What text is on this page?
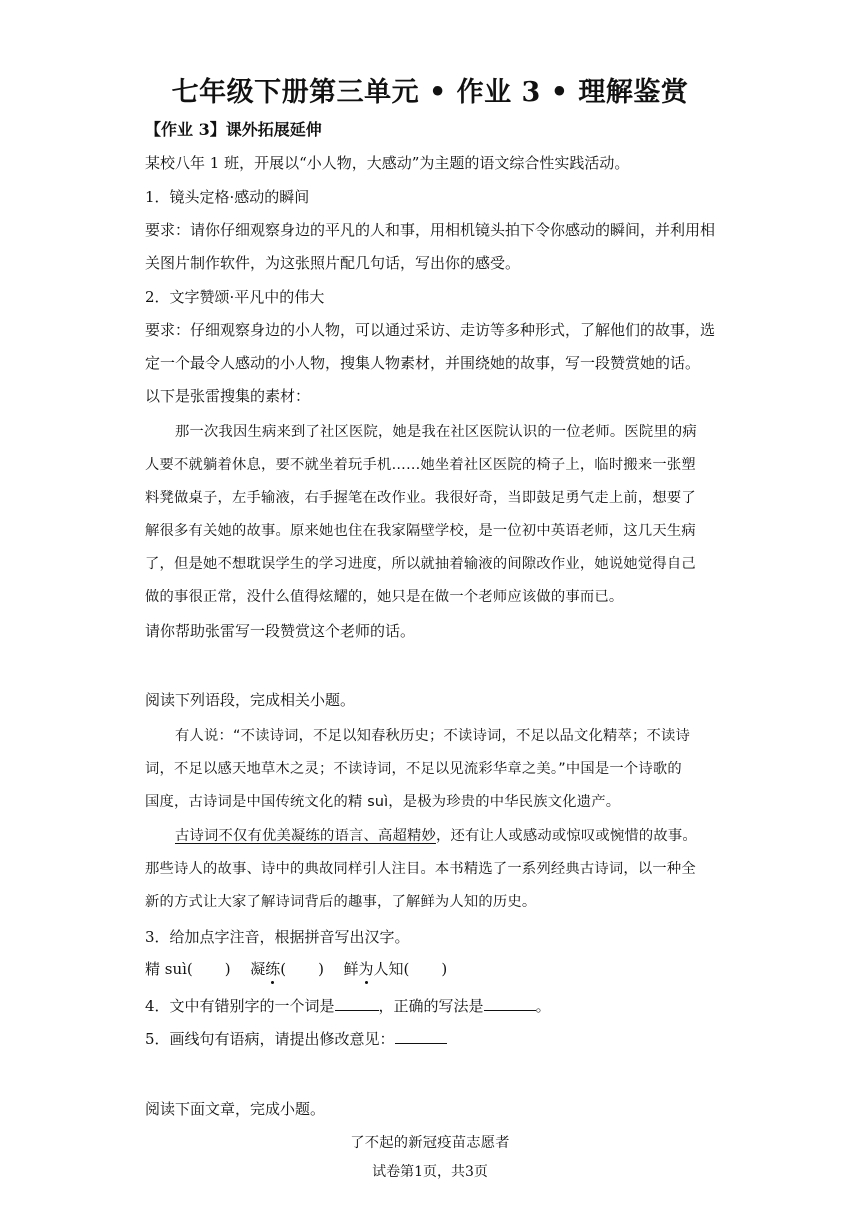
七年级下册第三单元 • 作业 3 • 理解鉴赏
【作业 3】课外拓展延伸
某校八年 1 班，开展以“小人物，大感动”为主题的语文综合性实践活动。
1．镜头定格·感动的瞬间
要求：请你仔细观察身边的平凡的人和事，用相机镜头拍下令你感动的瞬间，并利用相
关图片制作软件，为这张照片配几句话，写出你的感受。
2．文字赞颂·平凡中的伟大
要求：仔细观察身边的小人物，可以通过采访、走访等多种形式，了解他们的故事，选
定一个最令人感动的小人物，搜集人物素材，并围绕她的故事，写一段赞赏她的话。
以下是张雷搜集的素材：
那一次我因生病来到了社区医院，她是我在社区医院认识的一位老师。医院里的病
人要不就躺着休息，要不就坐着玩手机……她坐着社区医院的椅子上，临时搬来一张塑
料凳做桌子，左手输液，右手握笔在改作业。我很好奇，当即鼓足勇气走上前，想要了
解很多有关她的故事。原来她也住在我家隔壁学校，是一位初中英语老师，这几天生病
了，但是她不想耽误学生的学习进度，所以就抽着输液的间隙改作业，她说她觉得自己
做的事很正常，没什么值得炫耀的，她只是在做一个老师应该做的事而已。
请你帮助张雷写一段赞赏这个老师的话。
阅读下列语段，完成相关小题。
有人说：“不读诗词，不足以知春秋历史；不读诗词，不足以品文化精萃；不读诗
词，不足以感天地草木之灵；不读诗词，不足以见流彩华章之美。”中国是一个诗歌的
国度，古诗词是中国传统文化的精 suì，是极为珍贵的中华民族文化遗产。
古诗词不仅有优美凝练的语言、高超精妙，还有让人或感动或惊叹或惋惜的故事。
那些诗人的故事、诗中的典故同样引人注目。本书精选了一系列经典古诗词，以一种全
新的方式让大家了解诗词背后的趣事，了解鲜为人知的历史。
3．给加点字注音，根据拼音写出汉字。
精 suì( ) 凝练( ) 鲜为人知( )
4．文中有错别字的一个词是	，正确的写法是	。
5．画线句有语病，请提出修改意见：
阅读下面文章，完成小题。
了不起的新冠疫苗志愿者
试卷第1页，共3页
